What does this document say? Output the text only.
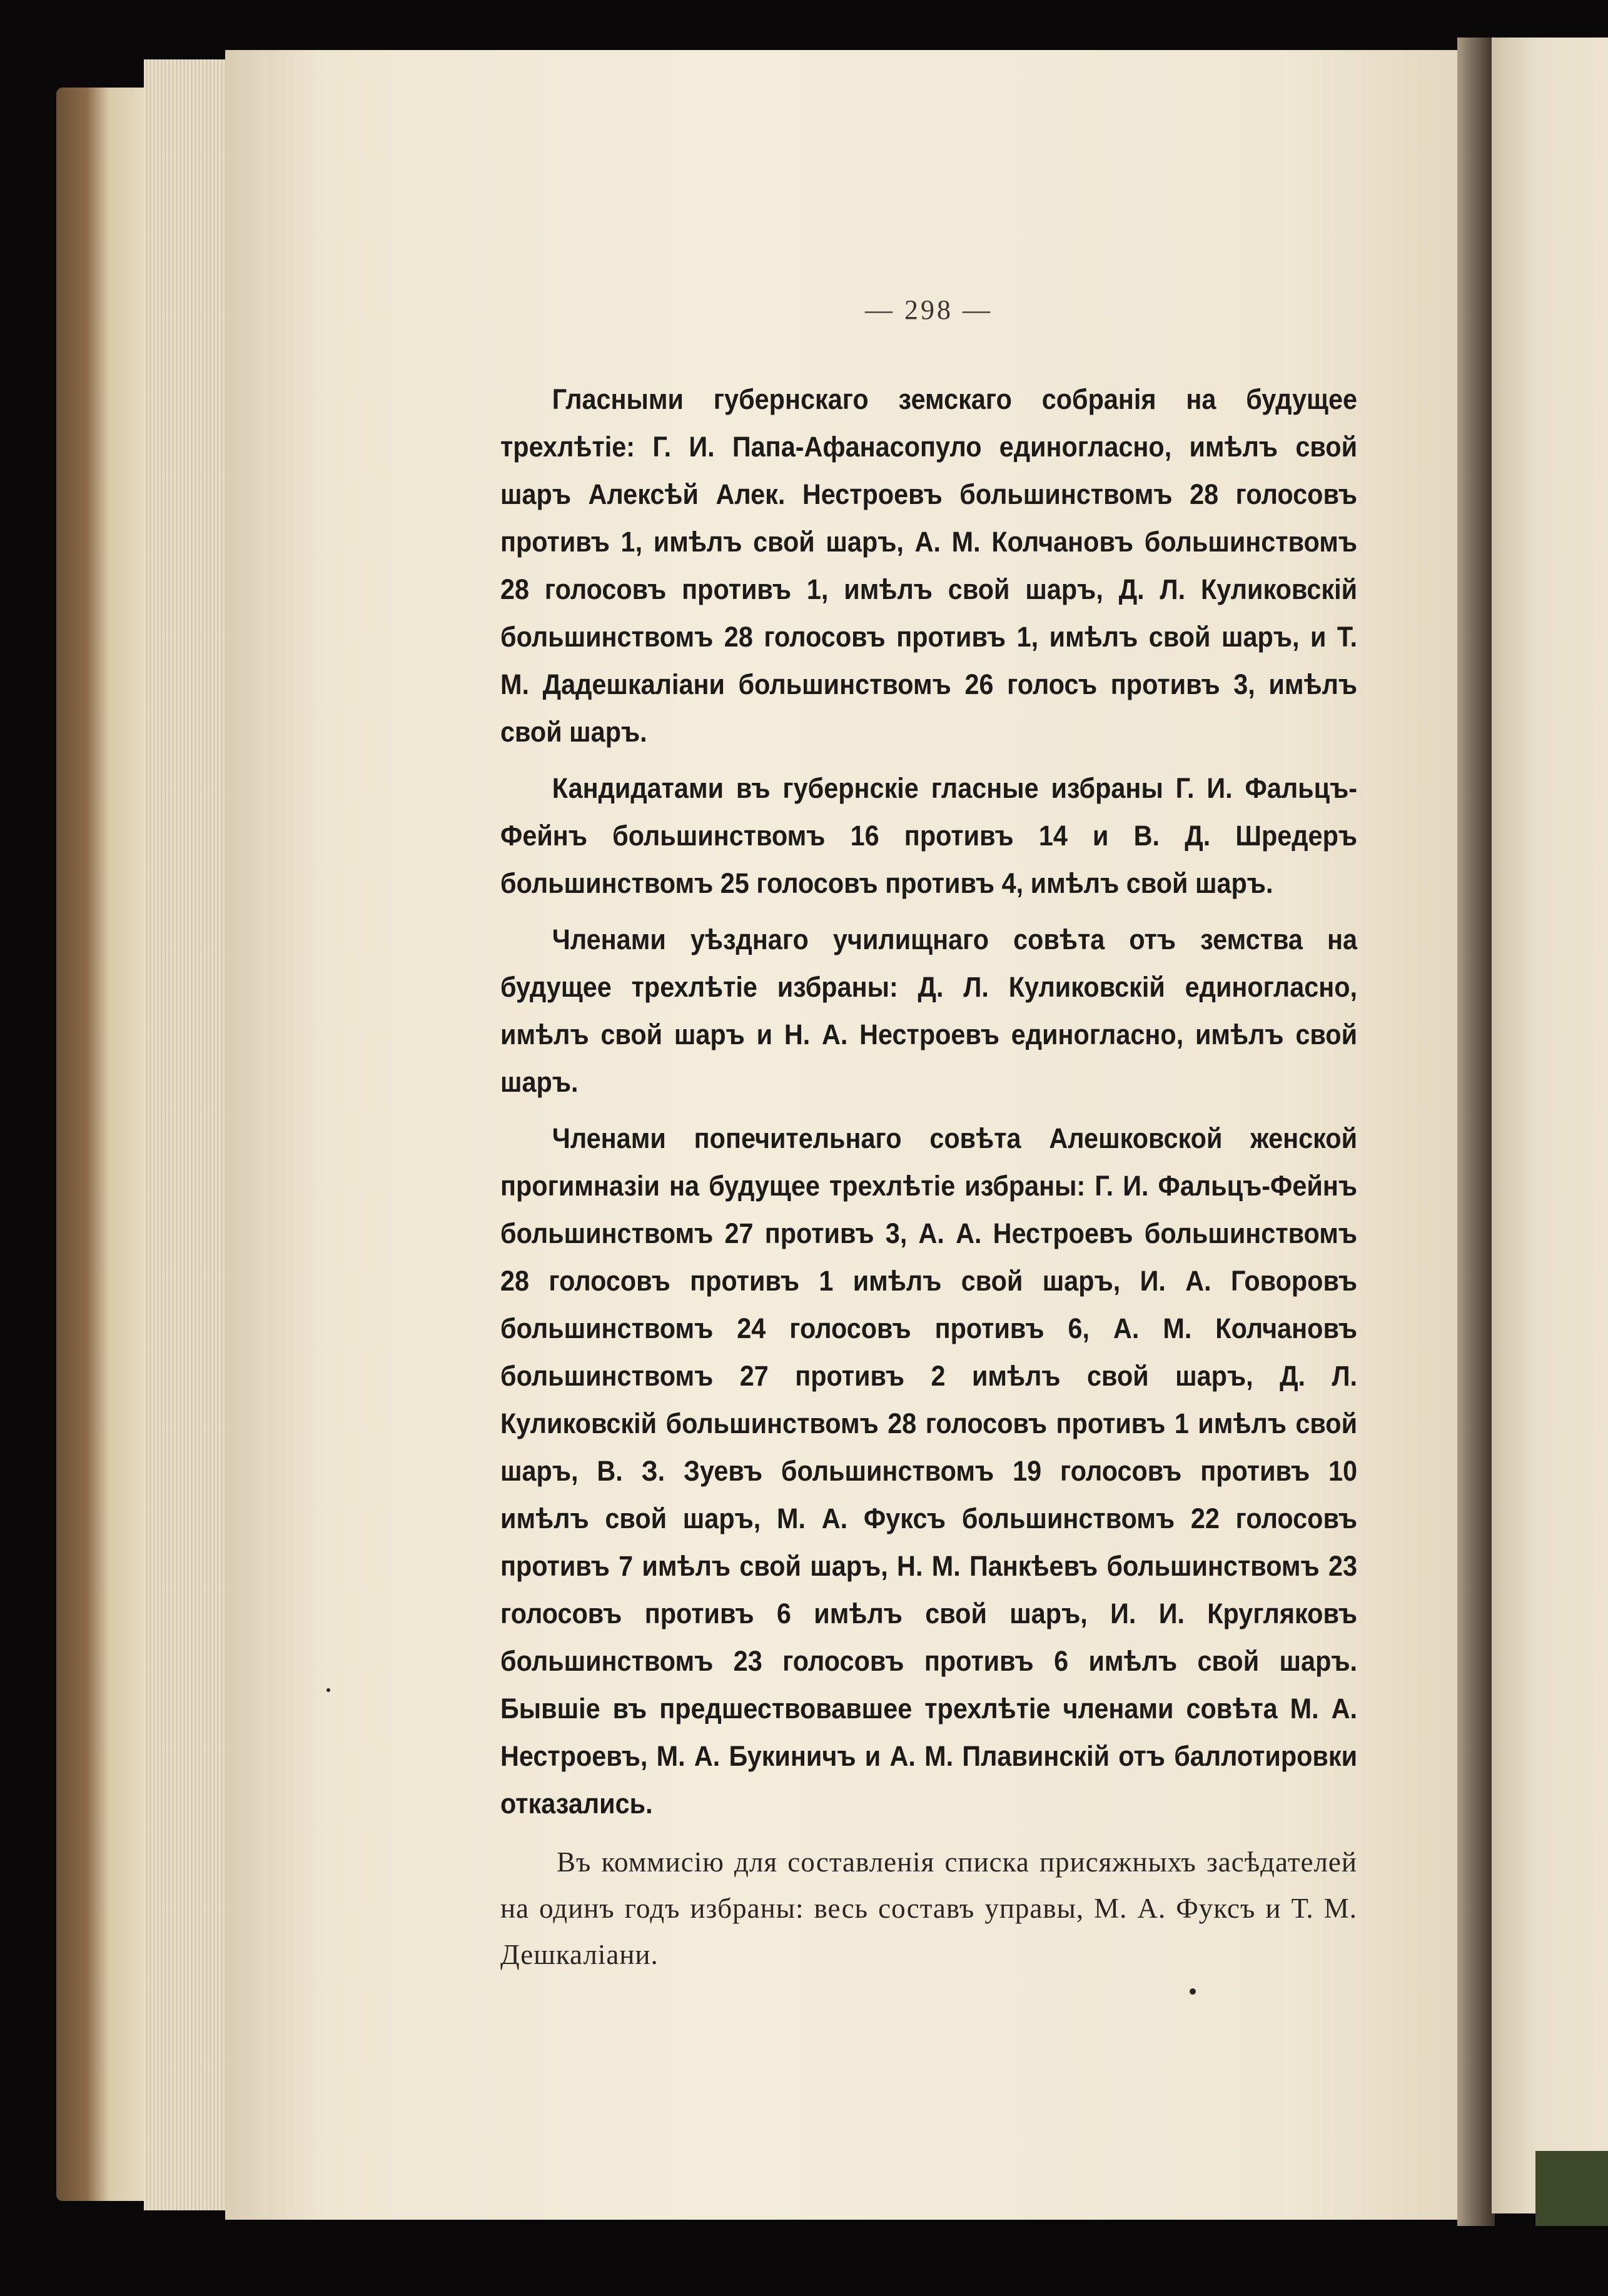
— 298 —

Гласными губернскаго земскаго собранія на будущее трехлѣтіе: Г. И. Папа-Афанасопуло единогласно, имѣлъ свой шаръ Алексѣй Алек. Нестроевъ большинствомъ 28 голосовъ противъ 1, имѣлъ свой шаръ, А. М. Колчановъ большинствомъ 28 голосовъ противъ 1, имѣлъ свой шаръ, Д. Л. Куликовскій большинствомъ 28 голосовъ противъ 1, имѣлъ свой шаръ, и Т. М. Дадешкаліани большинствомъ 26 голосъ противъ 3, имѣлъ свой шаръ.

Кандидатами въ губернскіе гласные избраны Г. И. Фальцъ-Фейнъ большинствомъ 16 противъ 14 и В. Д. Шредеръ большинствомъ 25 голосовъ противъ 4, имѣлъ свой шаръ.

Членами уѣзднаго училищнаго совѣта отъ земства на будущее трехлѣтіе избраны: Д. Л. Куликовскій единогласно, имѣлъ свой шаръ и Н. А. Нестроевъ единогласно, имѣлъ свой шаръ.

Членами попечительнаго совѣта Алешковской женской прогимназіи на будущее трехлѣтіе избраны: Г. И. Фальцъ-Фейнъ большинствомъ 27 противъ 3, А. А. Нестроевъ большинствомъ 28 голосовъ противъ 1 имѣлъ свой шаръ, И. А. Говоровъ большинствомъ 24 голосовъ противъ 6, А. М. Колчановъ большинствомъ 27 противъ 2 имѣлъ свой шаръ, Д. Л. Куликовскій большинствомъ 28 голосовъ противъ 1 имѣлъ свой шаръ, В. З. Зуевъ большинствомъ 19 голосовъ противъ 10 имѣлъ свой шаръ, М. А. Фуксъ большинствомъ 22 голосовъ противъ 7 имѣлъ свой шаръ, Н. М. Панкѣевъ большинствомъ 23 голосовъ противъ 6 имѣлъ свой шаръ, И. И. Кругляковъ большинствомъ 23 голосовъ противъ 6 имѣлъ свой шаръ. Бывшіе въ предшествовавшее трехлѣтіе членами совѣта М. А. Нестроевъ, М. А. Букиничъ и А. М. Плавинскій отъ баллотировки отказались.

Въ коммисію для составленія списка присяжныхъ засѣдателей на одинъ годъ избраны: весь составъ управы, М. А. Фуксъ и Т. М. Дешкаліани.
